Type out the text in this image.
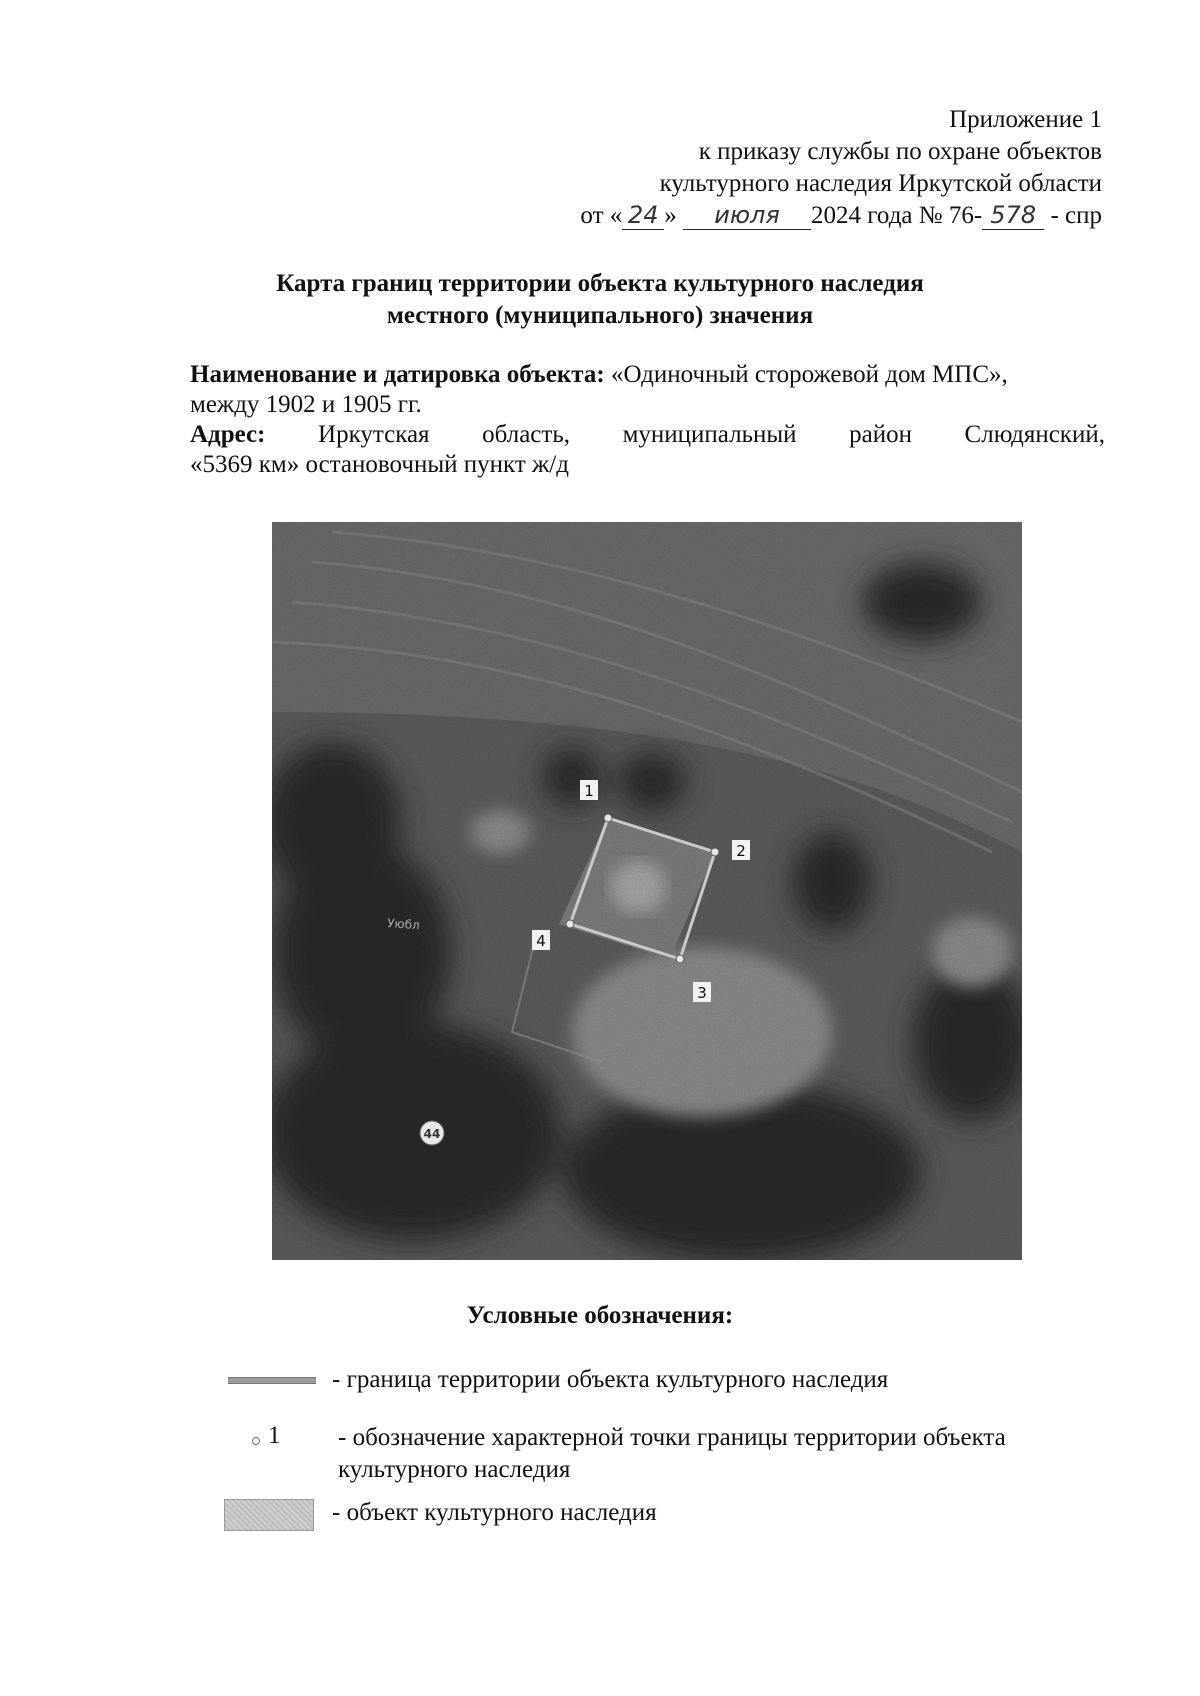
Приложение 1
к приказу службы по охране объектов
культурного наследия Иркутской области
от « 24 » июля 2024 года № 76- 578 - спр
Карта границ территории объекта культурного наследия
местного (муниципального) значения
Наименование и датировка объекта: «Одиночный сторожевой дом МПС»,
между 1902 и 1905 гг.
Адрес: Иркутская область, муниципальный район Слюдянский,
«5369 км» остановочный пункт ж/д
1
2
3
4
Уюбл
44
Условные обозначения:
- граница территории объекта культурного наследия
1 - обозначение характерной точки границы территории объекта
культурного наследия
- объект культурного наследия
